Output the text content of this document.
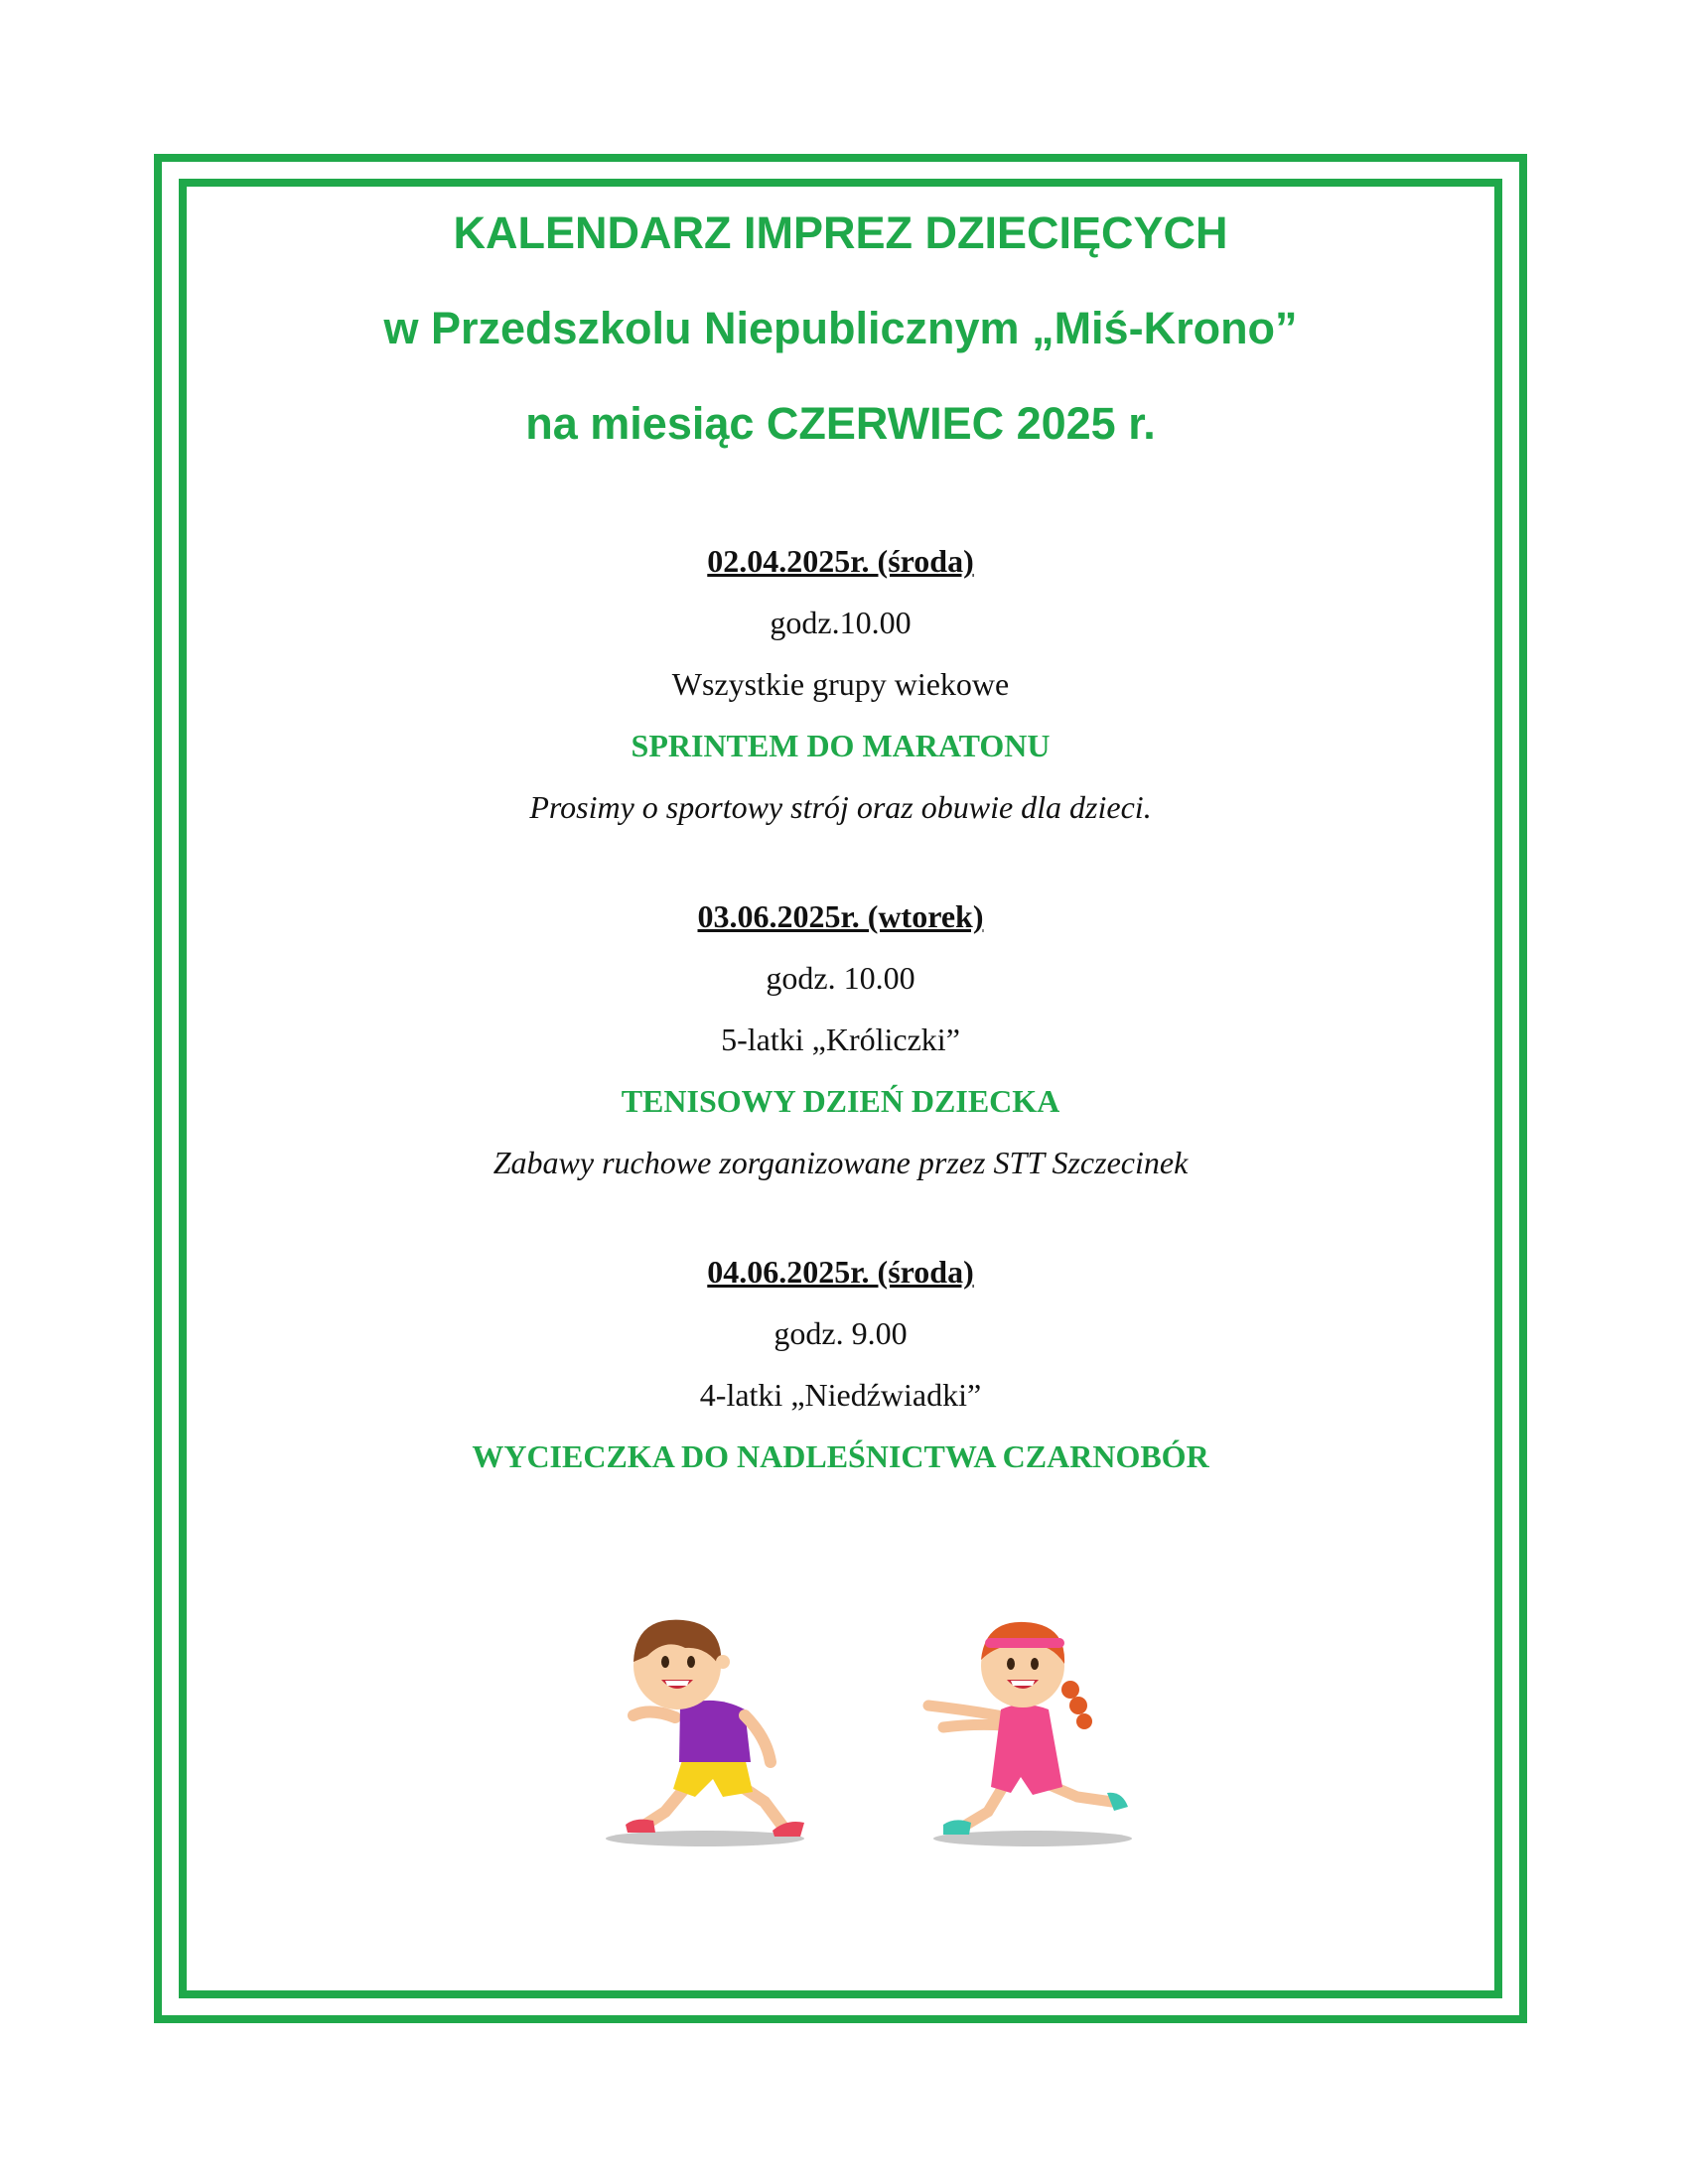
KALENDARZ IMPREZ DZIECIĘCYCH
w Przedszkolu Niepublicznym „Miś-Krono”
na miesiąc CZERWIEC 2025 r.

02.04.2025r. (środa)

godz.10.00

Wszystkie grupy wiekowe

SPRINTEM DO MARATONU

Prosimy o sportowy strój oraz obuwie dla dzieci.

03.06.2025r. (wtorek)

godz. 10.00

5-latki „Króliczki”

TENISOWY DZIEŃ DZIECKA

Zabawy ruchowe zorganizowane przez STT Szczecinek

04.06.2025r. (środa)

godz. 9.00

4-latki „Niedźwiadki”

WYCIECZKA DO NADLEŚNICTWA CZARNOBÓR
